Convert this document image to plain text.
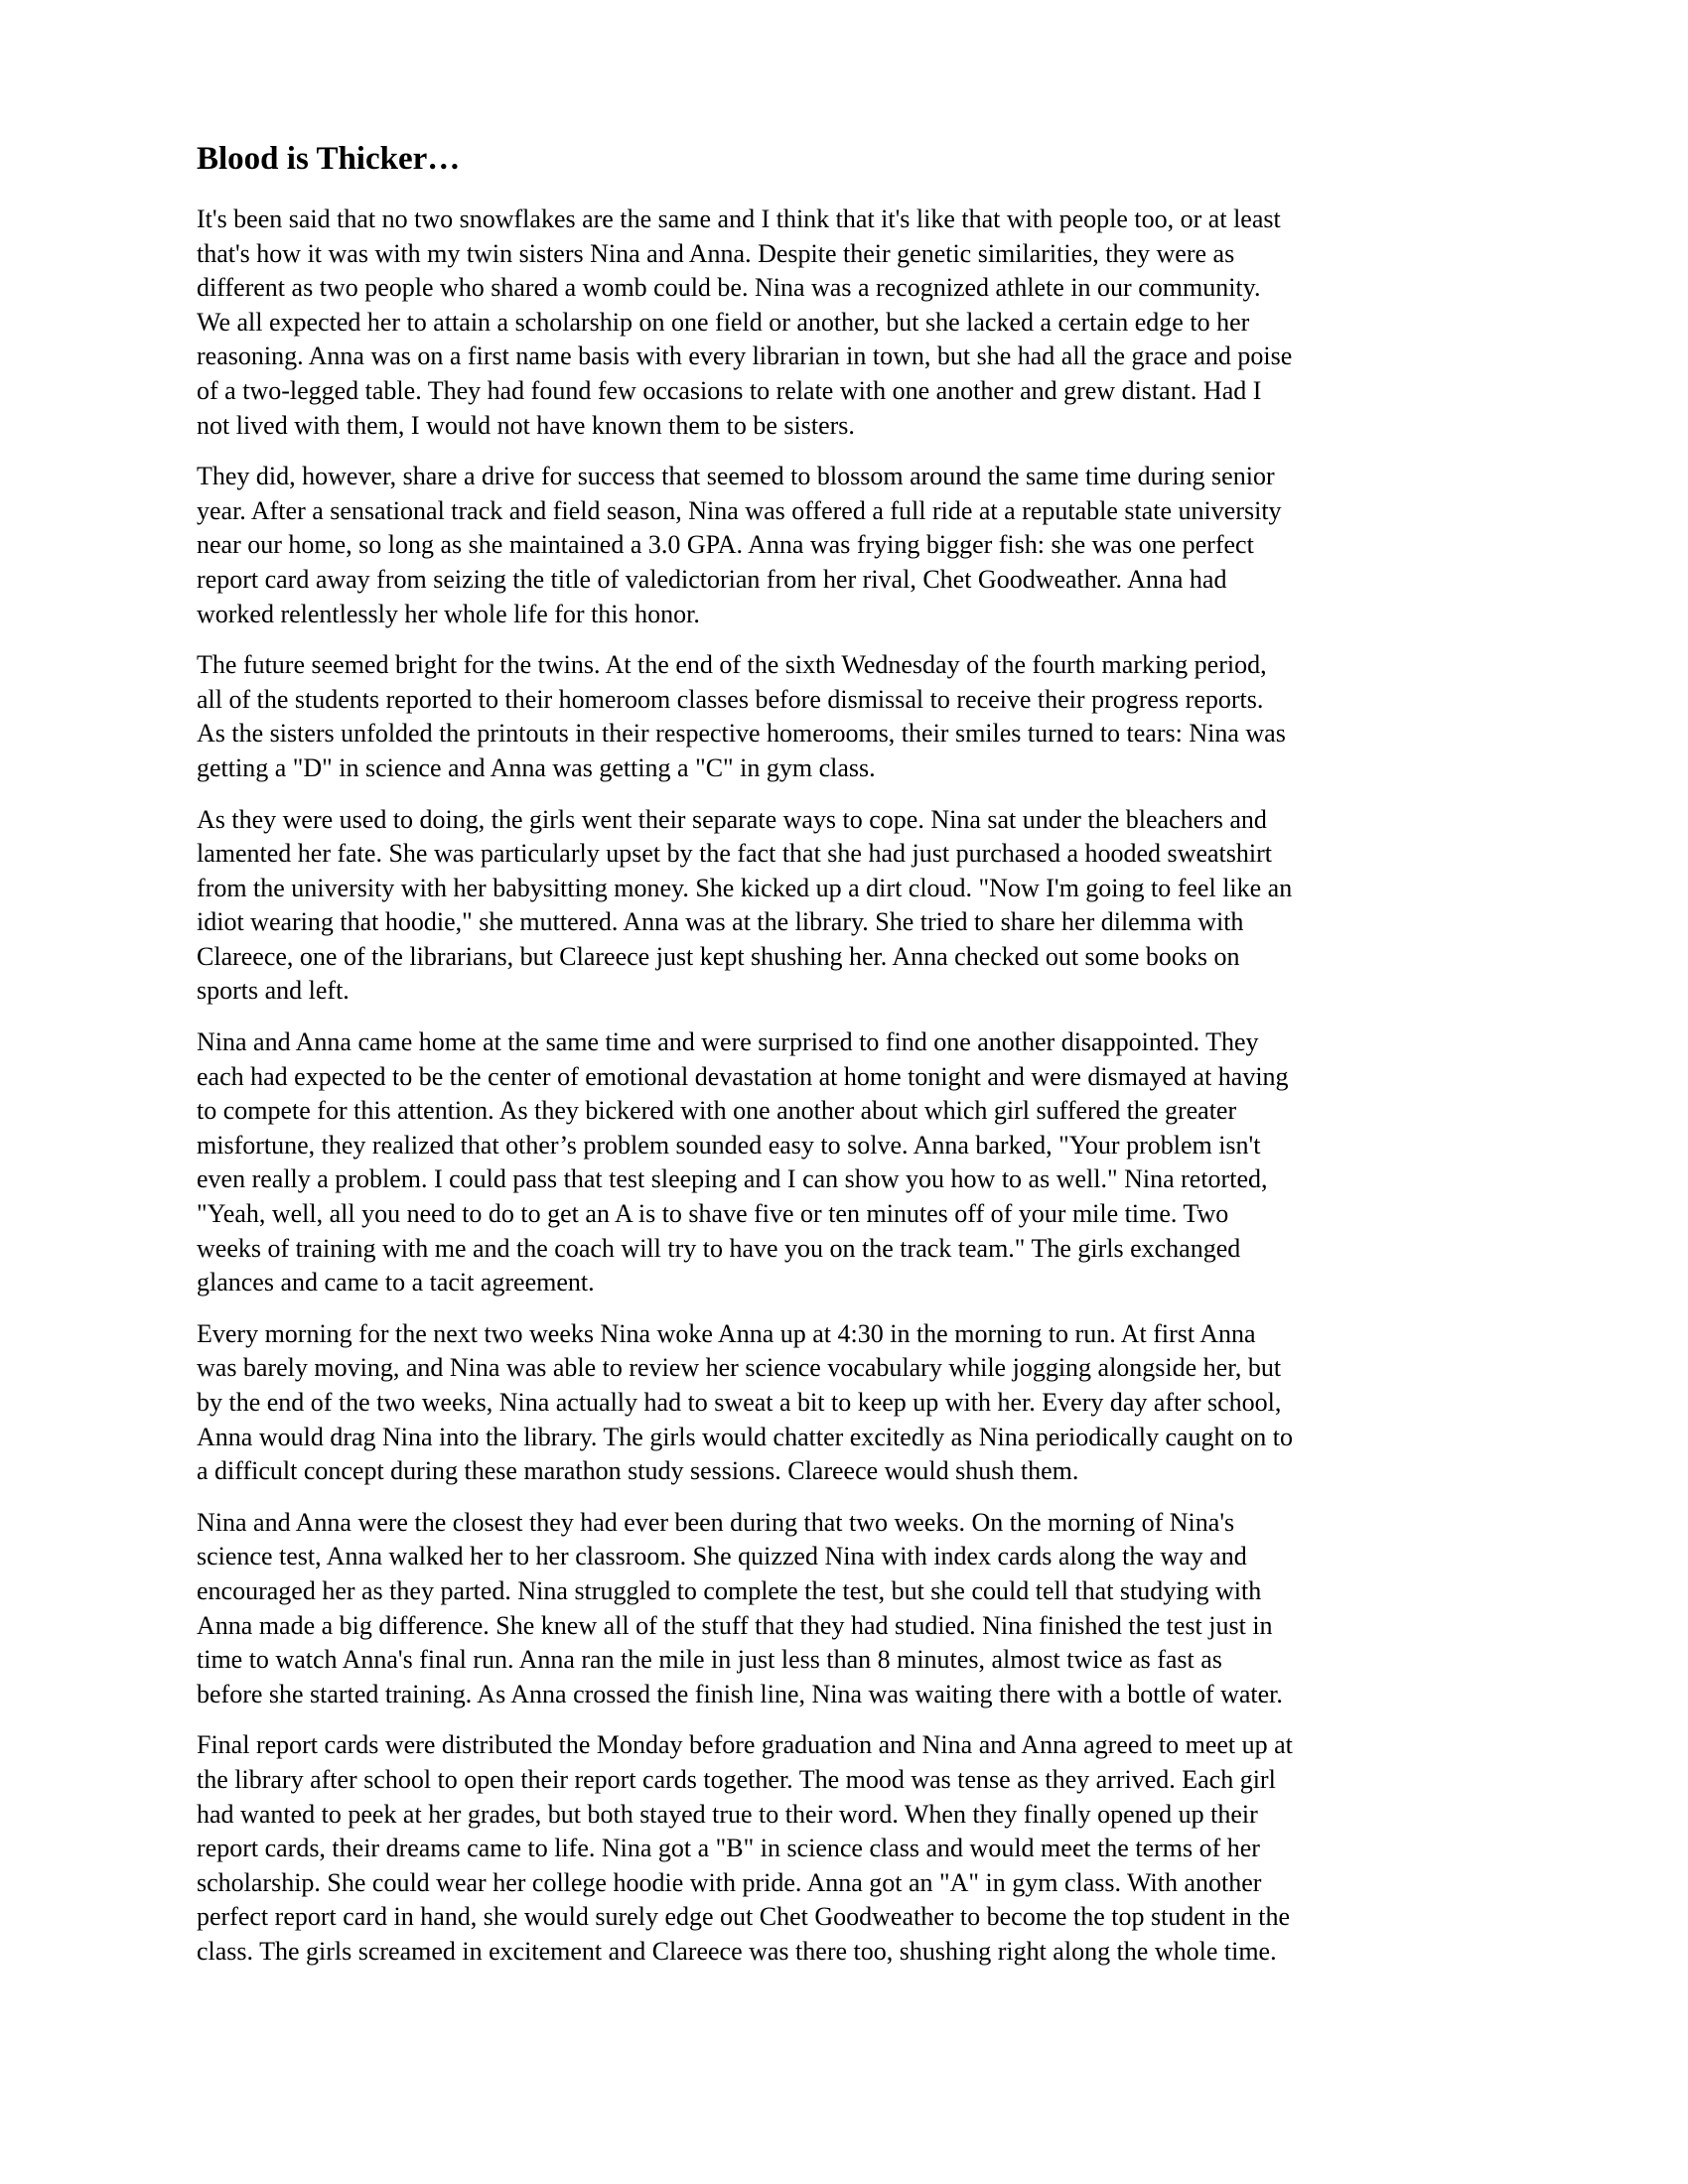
Blood is Thicker…

It's been said that no two snowflakes are the same and I think that it's like that with people too, or at least
that's how it was with my twin sisters Nina and Anna. Despite their genetic similarities, they were as
different as two people who shared a womb could be. Nina was a recognized athlete in our community.
We all expected her to attain a scholarship on one field or another, but she lacked a certain edge to her
reasoning. Anna was on a first name basis with every librarian in town, but she had all the grace and poise
of a two-legged table. They had found few occasions to relate with one another and grew distant. Had I
not lived with them, I would not have known them to be sisters.

They did, however, share a drive for success that seemed to blossom around the same time during senior
year. After a sensational track and field season, Nina was offered a full ride at a reputable state university
near our home, so long as she maintained a 3.0 GPA. Anna was frying bigger fish: she was one perfect
report card away from seizing the title of valedictorian from her rival, Chet Goodweather. Anna had
worked relentlessly her whole life for this honor.

The future seemed bright for the twins. At the end of the sixth Wednesday of the fourth marking period,
all of the students reported to their homeroom classes before dismissal to receive their progress reports.
As the sisters unfolded the printouts in their respective homerooms, their smiles turned to tears: Nina was
getting a "D" in science and Anna was getting a "C" in gym class.

As they were used to doing, the girls went their separate ways to cope. Nina sat under the bleachers and
lamented her fate. She was particularly upset by the fact that she had just purchased a hooded sweatshirt
from the university with her babysitting money. She kicked up a dirt cloud. "Now I'm going to feel like an
idiot wearing that hoodie," she muttered. Anna was at the library. She tried to share her dilemma with
Clareece, one of the librarians, but Clareece just kept shushing her. Anna checked out some books on
sports and left.

Nina and Anna came home at the same time and were surprised to find one another disappointed. They
each had expected to be the center of emotional devastation at home tonight and were dismayed at having
to compete for this attention. As they bickered with one another about which girl suffered the greater
misfortune, they realized that other’s problem sounded easy to solve. Anna barked, "Your problem isn't
even really a problem. I could pass that test sleeping and I can show you how to as well." Nina retorted,
"Yeah, well, all you need to do to get an A is to shave five or ten minutes off of your mile time. Two
weeks of training with me and the coach will try to have you on the track team." The girls exchanged
glances and came to a tacit agreement.

Every morning for the next two weeks Nina woke Anna up at 4:30 in the morning to run. At first Anna
was barely moving, and Nina was able to review her science vocabulary while jogging alongside her, but
by the end of the two weeks, Nina actually had to sweat a bit to keep up with her. Every day after school,
Anna would drag Nina into the library. The girls would chatter excitedly as Nina periodically caught on to
a difficult concept during these marathon study sessions. Clareece would shush them.

Nina and Anna were the closest they had ever been during that two weeks. On the morning of Nina's
science test, Anna walked her to her classroom. She quizzed Nina with index cards along the way and
encouraged her as they parted. Nina struggled to complete the test, but she could tell that studying with
Anna made a big difference. She knew all of the stuff that they had studied. Nina finished the test just in
time to watch Anna's final run. Anna ran the mile in just less than 8 minutes, almost twice as fast as
before she started training. As Anna crossed the finish line, Nina was waiting there with a bottle of water.

Final report cards were distributed the Monday before graduation and Nina and Anna agreed to meet up at
the library after school to open their report cards together. The mood was tense as they arrived. Each girl
had wanted to peek at her grades, but both stayed true to their word. When they finally opened up their
report cards, their dreams came to life. Nina got a "B" in science class and would meet the terms of her
scholarship. She could wear her college hoodie with pride. Anna got an "A" in gym class. With another
perfect report card in hand, she would surely edge out Chet Goodweather to become the top student in the
class. The girls screamed in excitement and Clareece was there too, shushing right along the whole time.
